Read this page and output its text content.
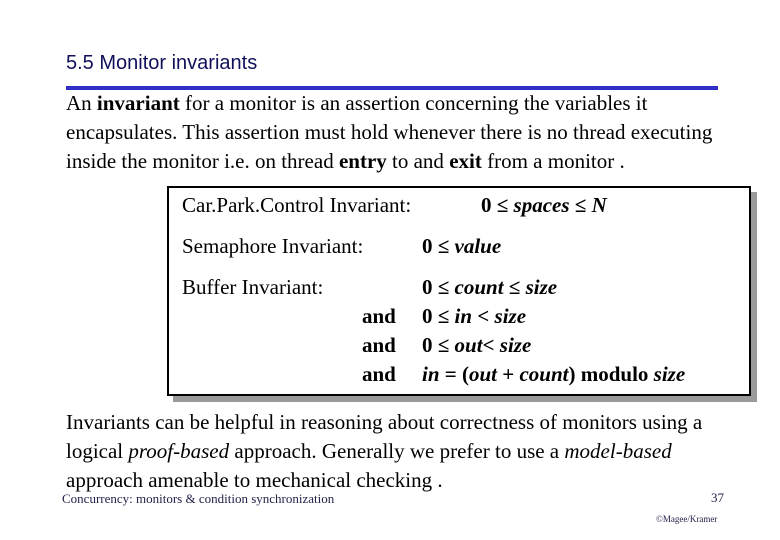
5.5 Monitor invariants
An invariant for a monitor is an assertion concerning the variables it encapsulates. This assertion must hold whenever there is no thread executing inside the monitor i.e. on thread entry to and exit from a monitor .
Car.Park.Control Invariant:	0 ≤ spaces ≤ N
Semaphore Invariant:	0 ≤ value
Buffer Invariant:	0 ≤ count ≤ size
and 0 ≤ in < size
and 0 ≤ out< size
and in = (out + count) modulo size
Invariants can be helpful in reasoning about correctness of monitors using a logical proof-based approach. Generally we prefer to use a model-based approach amenable to mechanical checking .
Concurrency: monitors & condition synchronization	37
©Magee/Kramer
